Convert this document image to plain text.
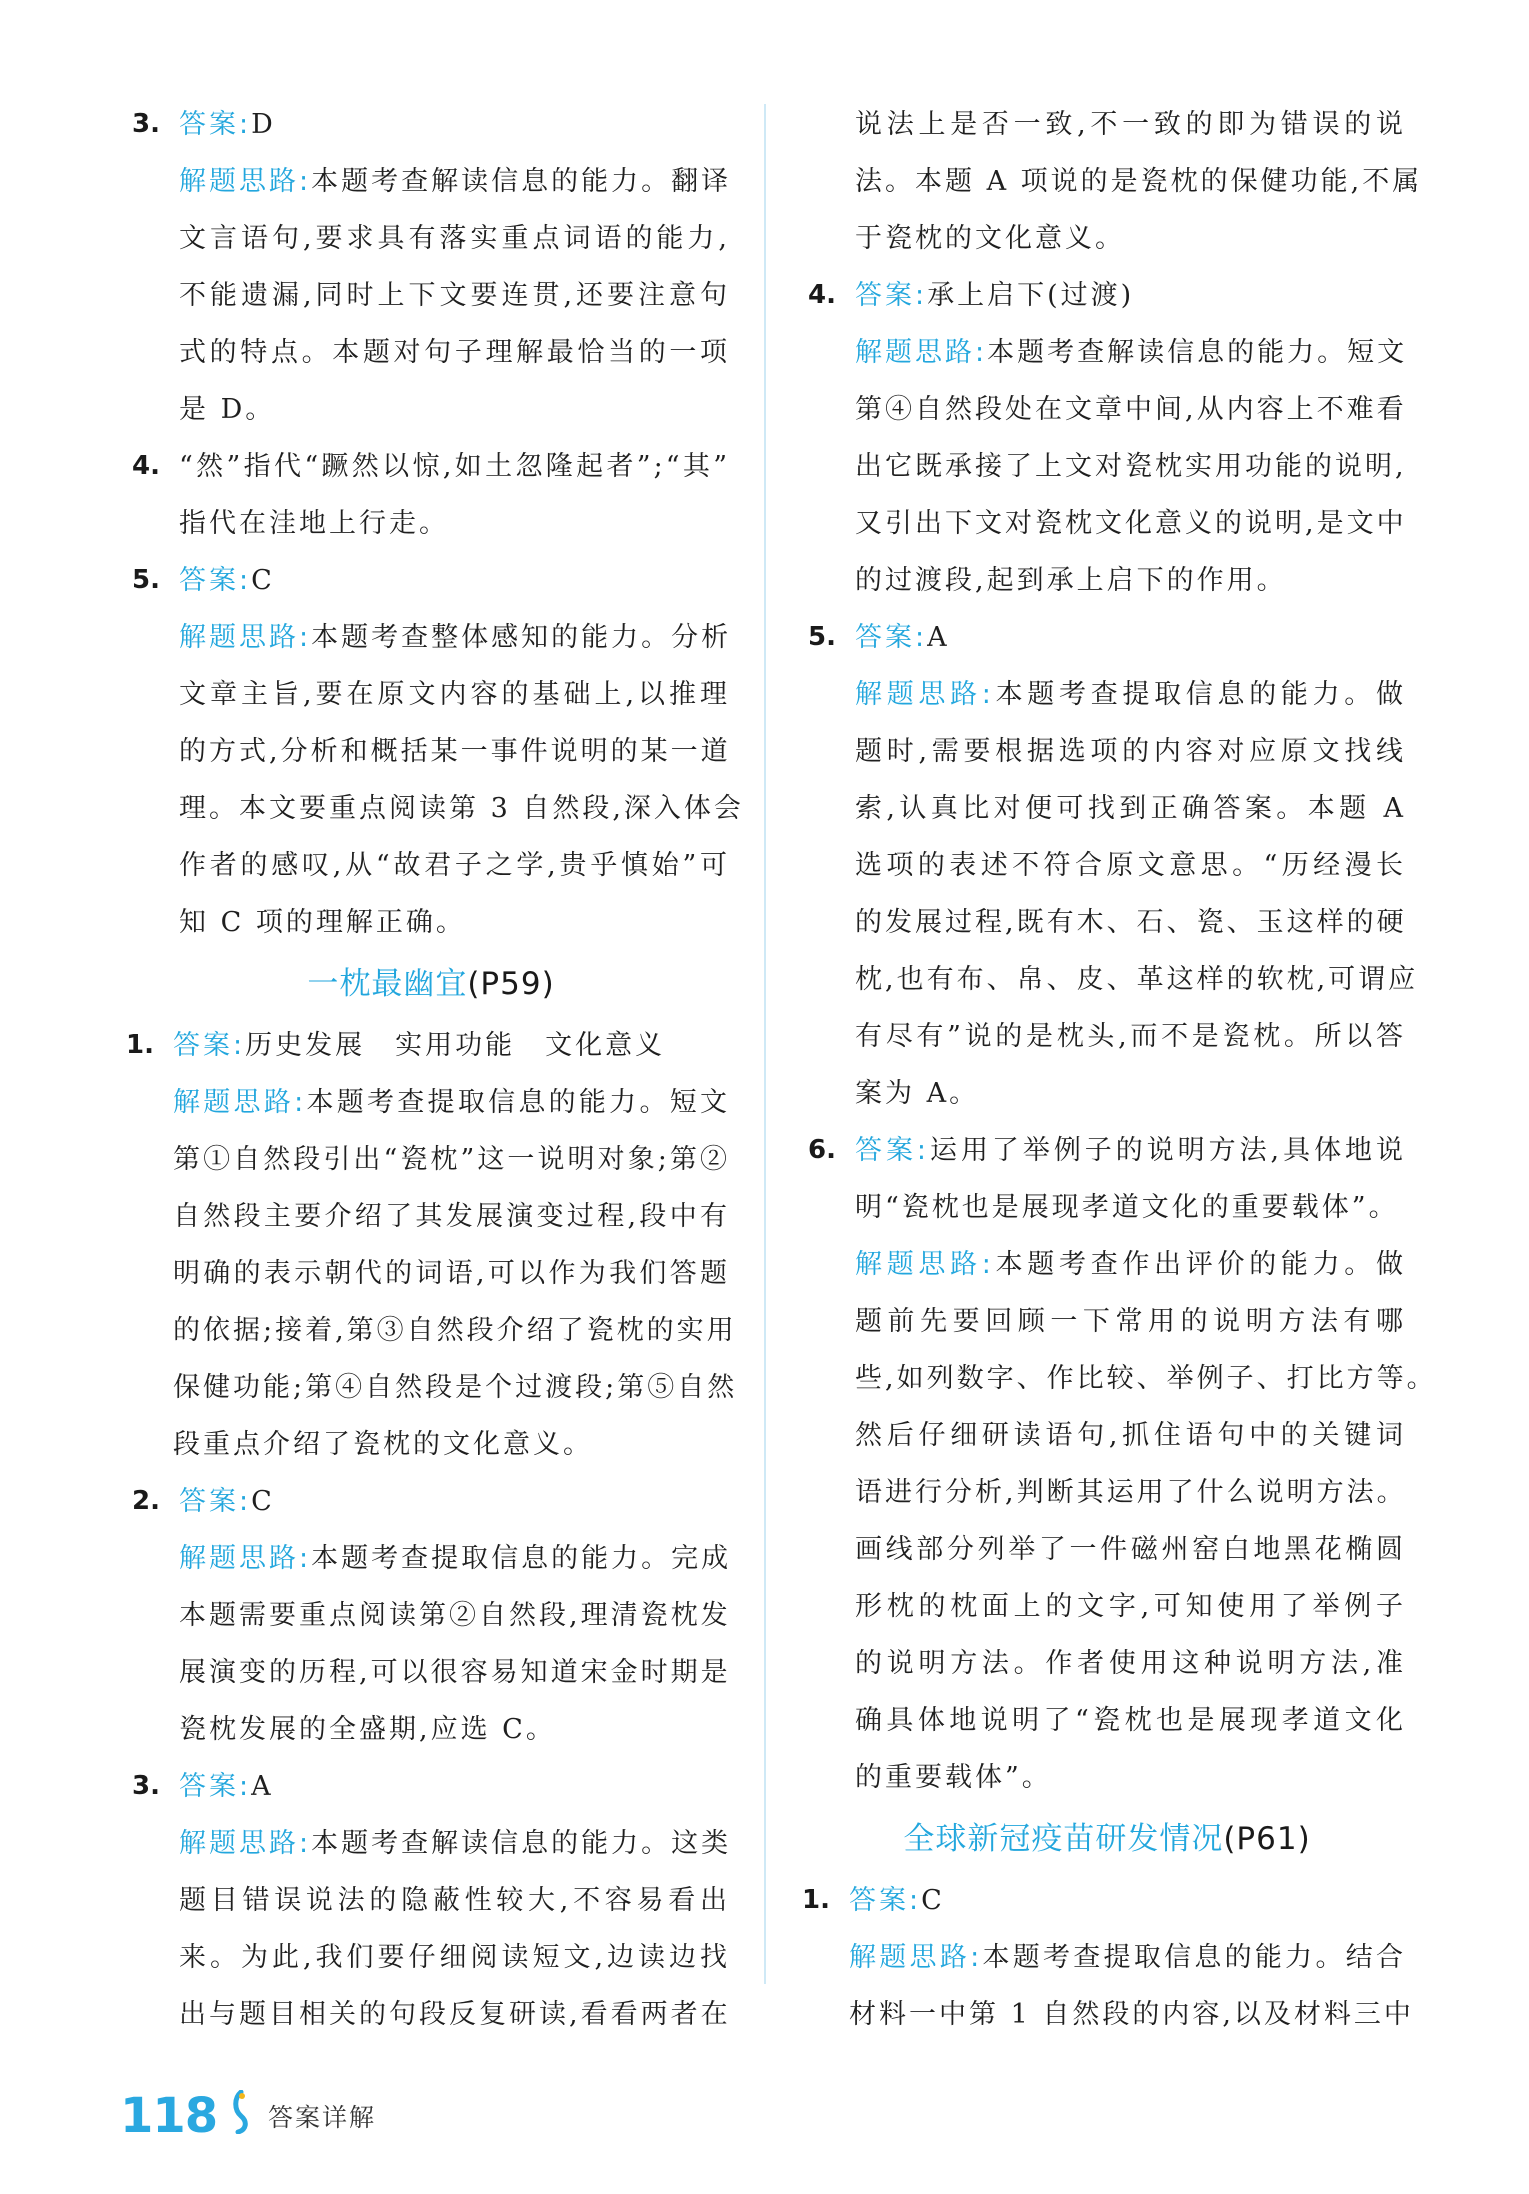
3. 答案:D
解题思路:本题考查解读信息的能力。翻译
文言语句,要求具有落实重点词语的能力,
不能遗漏,同时上下文要连贯,还要注意句
式的特点。本题对句子理解最恰当的一项
是 D。
4. “然”指代“蹶然以惊,如土忽隆起者”;“其”
指代在洼地上行走。
5. 答案:C
解题思路:本题考查整体感知的能力。分析
文章主旨,要在原文内容的基础上,以推理
的方式,分析和概括某一事件说明的某一道
理。本文要重点阅读第 3 自然段,深入体会
作者的感叹,从“故君子之学,贵乎慎始”可
知 C 项的理解正确。
一枕最幽宜(P59)
1. 答案:历史发展　实用功能　文化意义
解题思路:本题考查提取信息的能力。短文
第①自然段引出“瓷枕”这一说明对象;第②
自然段主要介绍了其发展演变过程,段中有
明确的表示朝代的词语,可以作为我们答题
的依据;接着,第③自然段介绍了瓷枕的实用
保健功能;第④自然段是个过渡段;第⑤自然
段重点介绍了瓷枕的文化意义。
2. 答案:C
解题思路:本题考查提取信息的能力。完成
本题需要重点阅读第②自然段,理清瓷枕发
展演变的历程,可以很容易知道宋金时期是
瓷枕发展的全盛期,应选 C。
3. 答案:A
解题思路:本题考查解读信息的能力。这类
题目错误说法的隐蔽性较大,不容易看出
来。为此,我们要仔细阅读短文,边读边找
出与题目相关的句段反复研读,看看两者在
说法上是否一致,不一致的即为错误的说
法。本题 A 项说的是瓷枕的保健功能,不属
于瓷枕的文化意义。
4. 答案:承上启下(过渡)
解题思路:本题考查解读信息的能力。短文
第④自然段处在文章中间,从内容上不难看
出它既承接了上文对瓷枕实用功能的说明,
又引出下文对瓷枕文化意义的说明,是文中
的过渡段,起到承上启下的作用。
5. 答案:A
解题思路:本题考查提取信息的能力。做
题时,需要根据选项的内容对应原文找线
索,认真比对便可找到正确答案。本题 A
选项的表述不符合原文意思。“历经漫长
的发展过程,既有木、石、瓷、玉这样的硬
枕,也有布、帛、皮、革这样的软枕,可谓应
有尽有”说的是枕头,而不是瓷枕。所以答
案为 A。
6. 答案:运用了举例子的说明方法,具体地说
明“瓷枕也是展现孝道文化的重要载体”。
解题思路:本题考查作出评价的能力。做
题前先要回顾一下常用的说明方法有哪
些,如列数字、作比较、举例子、打比方等。
然后仔细研读语句,抓住语句中的关键词
语进行分析,判断其运用了什么说明方法。
画线部分列举了一件磁州窑白地黑花椭圆
形枕的枕面上的文字,可知使用了举例子
的说明方法。作者使用这种说明方法,准
确具体地说明了“瓷枕也是展现孝道文化
的重要载体”。
全球新冠疫苗研发情况(P61)
1. 答案:C
解题思路:本题考查提取信息的能力。结合
材料一中第 1 自然段的内容,以及材料三中
118 答案详解
